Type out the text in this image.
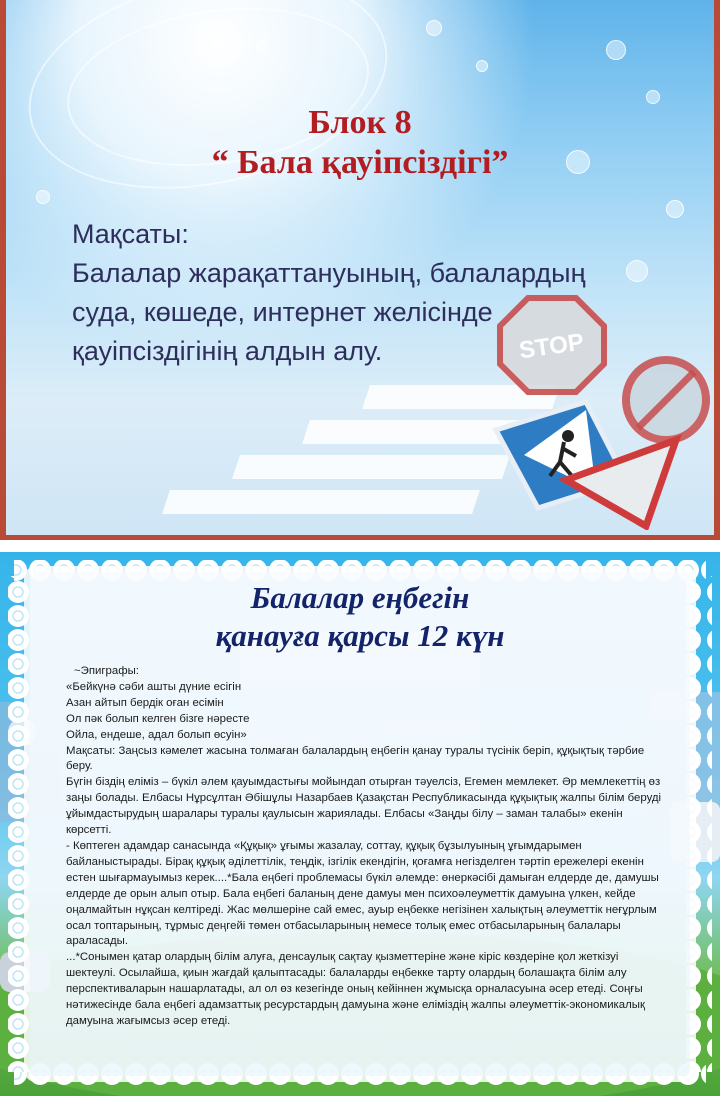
STOP
Блок 8
“ Бала қауіпсіздігі”
Мақсаты:
Балалар жарақаттануының, балалардың
суда, көшеде, интернет желісінде
қауіпсіздігінің алдын алу.
Балалар еңбегін
қанауға қарсы 12 күн

~Эпиграфы:

«Бейкүнә сәби ашты дүние есігін

Азан айтып бердік оған есімін

Ол пәк болып келген бізге нәресте

Ойла, ендеше, адал болып өсуін»

Мақсаты: Заңсыз кәмелет жасына толмаған балалардың еңбегін қанау туралы түсінік беріп, құқықтық тәрбие беру.

Бүгін біздің еліміз – бүкіл әлем қауымдастығы мойындап отырған тәуелсіз, Егемен мемлекет. Әр мемлекеттің өз заңы болады. Елбасы Нұрсұлтан Әбішұлы Назарбаев Қазақстан Республикасында құқықтық жалпы білім беруді ұйымдастырудың шаралары туралы қаулысын жариялады. Елбасы «Заңды білу – заман талабы» екенін көрсетті.

- Көптеген адамдар санасында «Құқық» ұғымы жазалау, соттау, құқық бұзылуының ұғымдарымен байланыстырады. Бірақ құқық әділеттілік, теңдік, ізгілік екендігін, қоғамға негізделген тәртіп ережелері екенін естен шығармауымыз керек....*Бала еңбегі проблемасы бүкіл әлемде: өнеркәсібі дамыған елдерде де, дамушы елдерде де орын алып отыр. Бала еңбегі баланың дене дамуы мен психоәлеуметтік дамуына үлкен, кейде оңалмайтын нұқсан келтіреді. Жас мөлшеріне сай емес, ауыр еңбекке негізінен халықтың әлеуметтік неғұрлым осал топтарының, тұрмыс деңгейі төмен отбасыларының немесе толық емес отбасыларының балалары араласады.

...*Сонымен қатар олардың білім алуға, денсаулық сақтау қызметтеріне және кіріс көздеріне қол жеткізуі шектеулі. Осылайша, қиын жағдай қалыптасады: балаларды еңбекке тарту олардың болашақта білім алу перспективаларын нашарлатады, ал ол өз кезегінде оның кейіннен жұмысқа орналасуына әсер етеді. Соңғы нәтижесінде бала еңбегі адамзаттық ресурстардың дамуына және еліміздің жалпы әлеуметтік-экономикалық дамуына жағымсыз әсер етеді.
